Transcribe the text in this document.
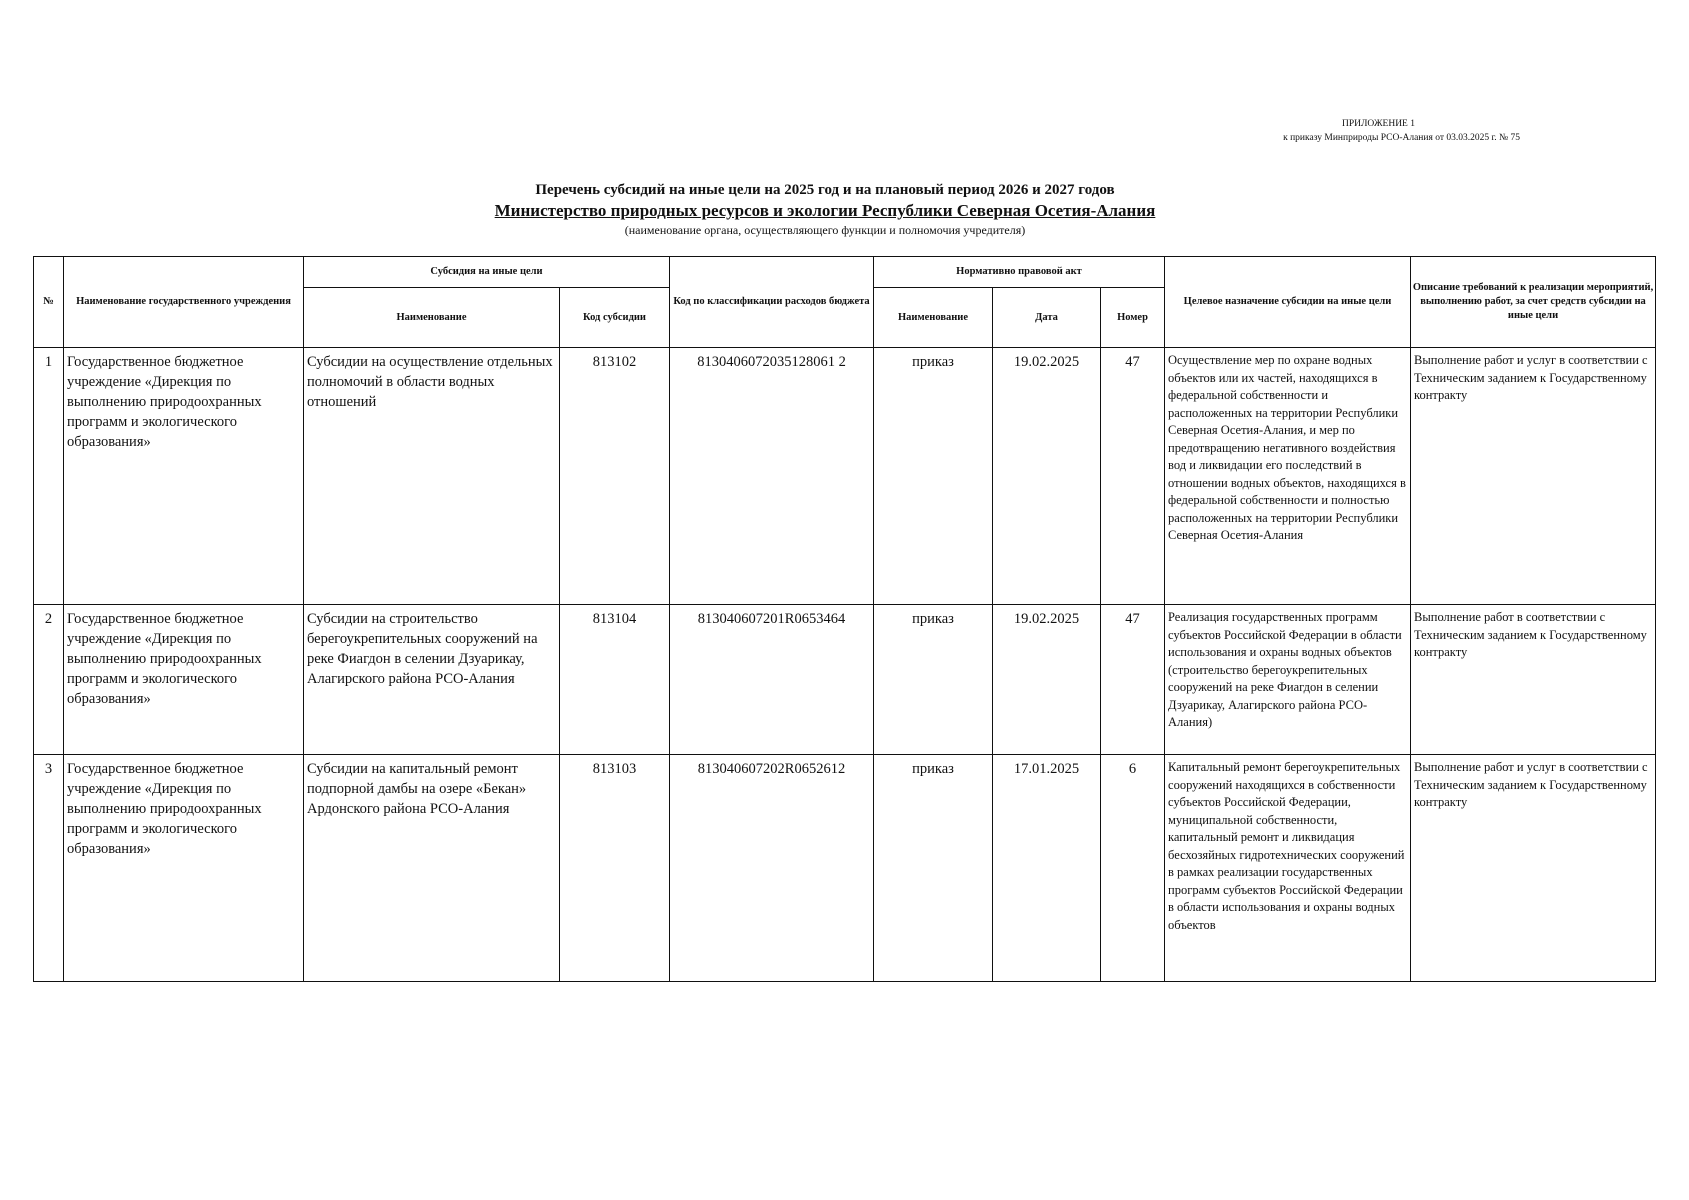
ПРИЛОЖЕНИЕ 1
к приказу Минприроды РСО-Алания от 03.03.2025 г. № 75
Перечень субсидий на иные цели на 2025 год и на плановый период 2026 и 2027 годов
Министерство природных ресурсов и экологии Республики Северная Осетия-Алания
(наименование органа, осуществляющего функции и полномочия учредителя)
№	Наименование государственного учреждения	Субсидия на иные цели		Код по классификации расходов бюджета	Нормативно правовой акт			Целевое назначение субсидии на иные цели	Описание требований к реализации мероприятий, выполнению работ, за счет средств субсидии на иные цели
		Наименование	Код субсидии		Наименование	Дата	Номер		
1	Государственное бюджетное учреждение «Дирекция по выполнению природоохранных программ и экологического образования»	Субсидии на осуществление отдельных полномочий в области водных отношений	813102	8130406072035128061 2	приказ	19.02.2025	47	Осуществление мер по охране водных объектов или их частей, находящихся в федеральной собственности и расположенных на территории Республики Северная Осетия-Алания, и мер по предотвращению негативного воздействия вод и ликвидации его последствий в отношении водных объектов, находящихся в федеральной собственности и полностью расположенных на территории Республики Северная Осетия-Алания	Выполнение работ и услуг в соответствии с Техническим заданием к Государственному контракту
2	Государственное бюджетное учреждение «Дирекция по выполнению природоохранных программ и экологического образования»	Субсидии на строительство берегоукрепительных сооружений на реке Фиагдон в селении Дзуарикау, Алагирского района РСО-Алания	813104	813040607201R0653464	приказ	19.02.2025	47	Реализация государственных программ субъектов Российской Федерации в области использования и охраны водных объектов (строительство берегоукрепительных сооружений на реке Фиагдон в селении Дзуарикау, Алагирского района РСО-Алания)	Выполнение работ в соответствии с Техническим заданием к Государственному контракту
3	Государственное бюджетное учреждение «Дирекция по выполнению природоохранных программ и экологического образования»	Субсидии на капитальный ремонт подпорной дамбы на озере «Бекан» Ардонского района РСО-Алания	813103	813040607202R0652612	приказ	17.01.2025	6	Капитальный ремонт берегоукрепительных сооружений находящихся в собственности субъектов Российской Федерации, муниципальной собственности, капитальный ремонт и ликвидация бесхозяйных гидротехнических сооружений в рамках реализации государственных программ субъектов Российской Федерации в области использования и охраны водных объектов	Выполнение работ и услуг в соответствии с Техническим заданием к Государственному контракту
